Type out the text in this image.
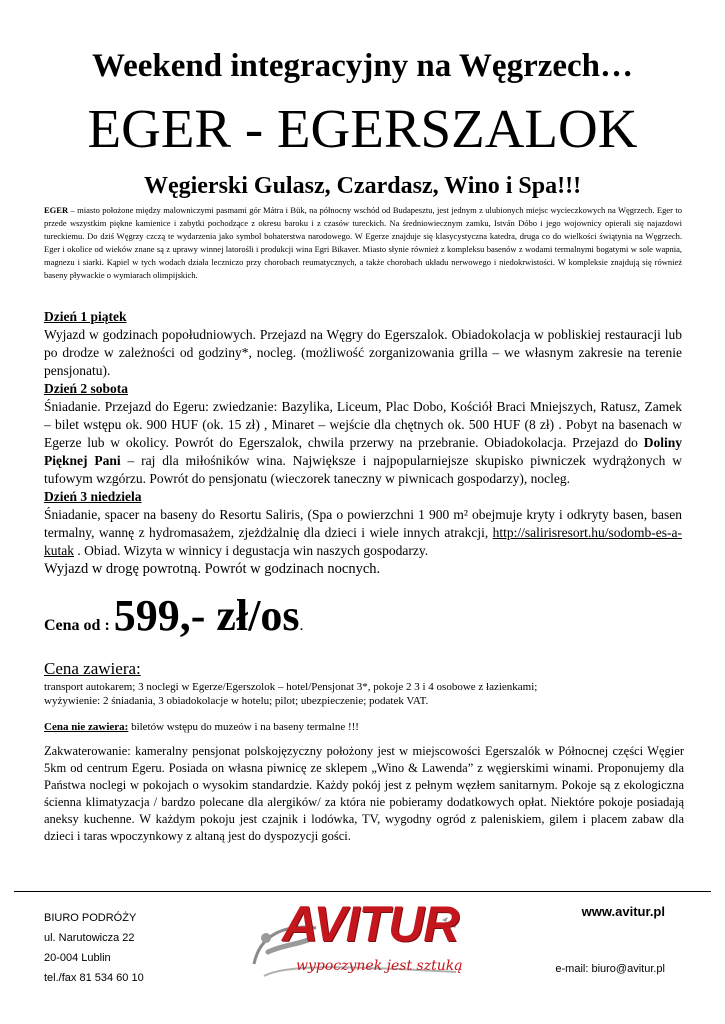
Weekend integracyjny na Węgrzech…
EGER - EGERSZALOK
Węgierski Gulasz, Czardasz, Wino i Spa!!!
EGER – miasto położone między malowniczymi pasmami gór Mátra i Bük, na północny wschód od Budapesztu, jest jednym z ulubionych miejsc wycieczkowych na Węgrzech. Eger to przede wszystkim piękne kamienice i zabytki pochodzące z okresu baroku i z czasów tureckich. Na średniowiecznym zamku, István Dóbo i jego wojownicy opierali się najazdowi tureckiemu. Do dziś Węgrzy czczą te wydarzenia jako symbol bohaterstwa narodowego. W Egerze znajduje się klasycystyczna katedra, druga co do wielkości świątynia na Węgrzech. Eger i okolice od wieków znane są z uprawy winnej latorośli i produkcji wina Egri Bikaver. Miasto słynie również z kompleksu basenów z wodami termalnymi bogatymi w sole wapnia, magnezu i siarki. Kąpiel w tych wodach działa leczniczo przy chorobach reumatycznych, a także chorobach układu nerwowego i niedokrwistości. W kompleksie znajdują się również baseny pływackie o wymiarach olimpijskich.
Dzień 1 piątek
Wyjazd w godzinach popołudniowych. Przejazd na Węgry do Egerszalok. Obiadokolacja w pobliskiej restauracji lub po drodze w zależności od godziny*, nocleg. (możliwość zorganizowania grilla – we własnym zakresie na terenie pensjonatu).
Dzień 2 sobota
Śniadanie. Przejazd do Egeru: zwiedzanie: Bazylika, Liceum, Plac Dobo, Kościół Braci Mniejszych, Ratusz, Zamek – bilet wstępu ok. 900 HUF (ok. 15 zł) , Minaret – wejście dla chętnych ok. 500 HUF (8 zł) . Pobyt na basenach w Egerze lub w okolicy. Powrót do Egerszalok, chwila przerwy na przebranie. Obiadokolacja. Przejazd do Doliny Pięknej Pani – raj dla miłośników wina. Największe i najpopularniejsze skupisko piwniczek wydrążonych w tufowym wzgórzu. Powrót do pensjonatu (wieczorek taneczny w piwnicach gospodarzy), nocleg.
Dzień 3 niedziela
Śniadanie, spacer na baseny do Resortu Saliris, (Spa o powierzchni 1 900 m² obejmuje kryty i odkryty basen, basen termalny, wannę z hydromasażem, zjeżdżalnię dla dzieci i wiele innych atrakcji, http://salirisresort.hu/sodomb-es-a-kutak . Obiad. Wizyta w winnicy i degustacja win naszych gospodarzy.
Wyjazd w drogę powrotną. Powrót w godzinach nocnych.
Cena od : 599,- zł/os.
Cena zawiera:
transport autokarem; 3 noclegi w Egerze/Egerszolok – hotel/Pensjonat 3*, pokoje 2 3 i 4 osobowe z łazienkami;
wyżywienie: 2 śniadania, 3 obiadokolacje w hotelu; pilot; ubezpieczenie; podatek VAT.
Cena nie zawiera: biletów wstępu do muzeów i na baseny termalne !!!
Zakwaterowanie: kameralny pensjonat polskojęzyczny położony jest w miejscowości Egerszalók w Północnej części Węgier 5km od centrum Egeru. Posiada on własna piwnicę ze sklepem „Wino & Lawenda” z węgierskimi winami. Proponujemy dla Państwa noclegi w pokojach o wysokim standardzie. Każdy pokój jest z pełnym węzłem sanitarnym. Pokoje są z ekologiczna ścienna klimatyzacja / bardzo polecane dla alergików/ za która nie pobieramy dodatkowych opłat. Niektóre pokoje posiadają aneksy kuchenne. W każdym pokoju jest czajnik i lodówka, TV, wygodny ogród z paleniskiem, gilem i placem zabaw dla dzieci i taras wpoczynkowy z altaną jest do dyspozycji gości.
BIURO PODRÓŻY
ul. Narutowicza 22
20-004 Lublin
tel./fax 81 534 60 10
AVITUR
wypoczynek jest sztuką
www.avitur.pl
e-mail: biuro@avitur.pl
